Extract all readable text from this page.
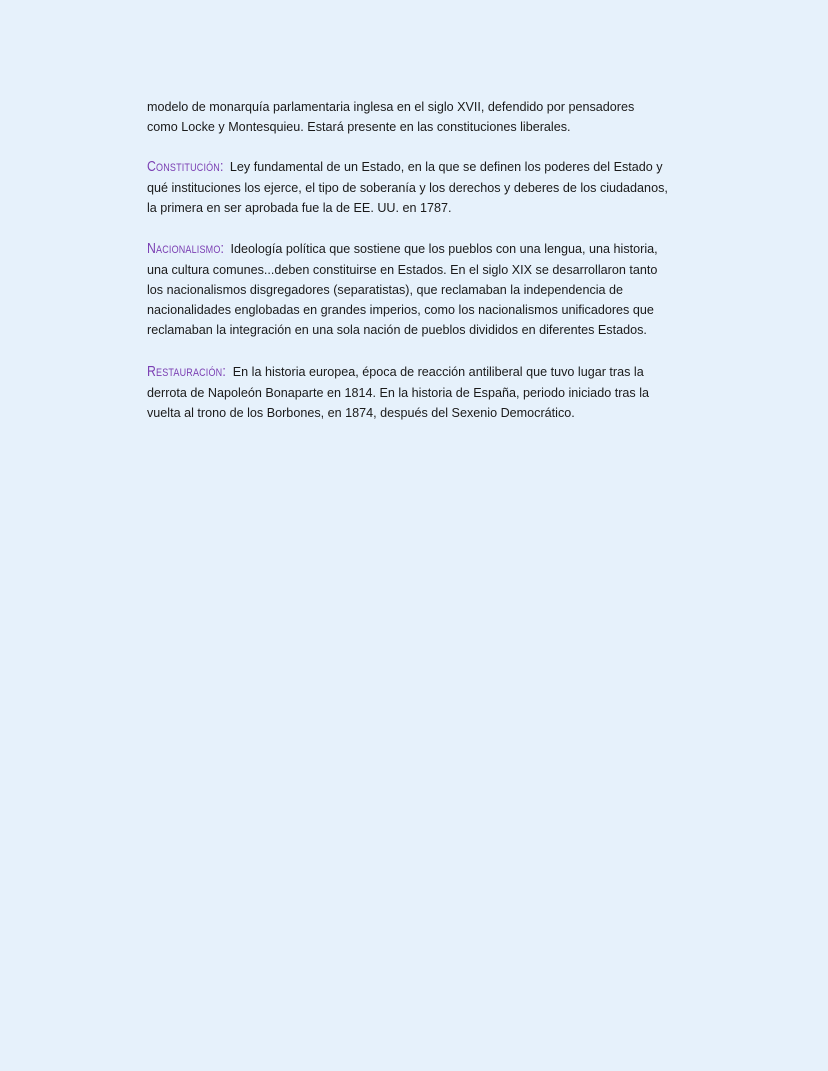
modelo de monarquía parlamentaria inglesa en el siglo XVII, defendido por pensadores
como Locke y Montesquieu. Estará presente en las constituciones liberales.
Constitución: Ley fundamental de un Estado, en la que se definen los poderes del Estado y
qué instituciones los ejerce, el tipo de soberanía y los derechos y deberes de los ciudadanos,
la primera en ser aprobada fue la de EE. UU. en 1787.
Nacionalismo: Ideología política que sostiene que los pueblos con una lengua, una historia,
una cultura comunes...deben constituirse en Estados. En el siglo XIX se desarrollaron tanto
los nacionalismos disgregadores (separatistas), que reclamaban la independencia de
nacionalidades englobadas en grandes imperios, como los nacionalismos unificadores que
reclamaban la integración en una sola nación de pueblos divididos en diferentes Estados.
Restauración: En la historia europea, época de reacción antiliberal que tuvo lugar tras la
derrota de Napoleón Bonaparte en 1814. En la historia de España, periodo iniciado tras la
vuelta al trono de los Borbones, en 1874, después del Sexenio Democrático.
